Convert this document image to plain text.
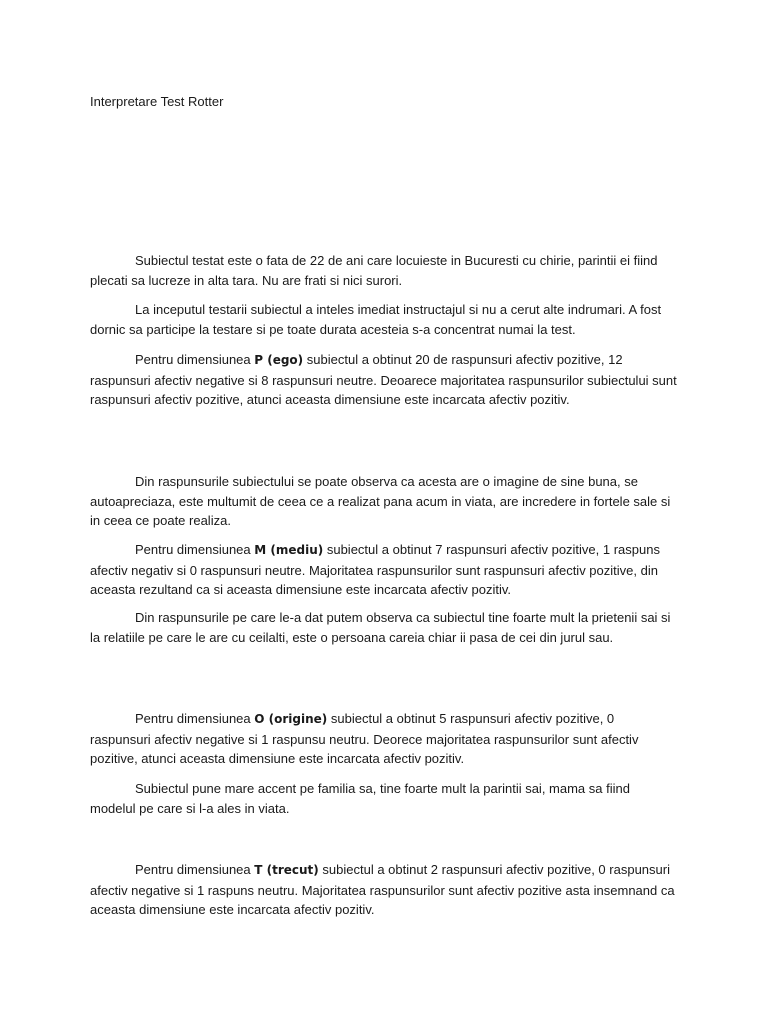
Interpretare Test Rotter

Subiectul testat este o fata de 22 de ani care locuieste in Bucuresti cu chirie, parintii ei fiind plecati sa lucreze in alta tara. Nu are frati si nici surori.

La inceputul testarii subiectul a inteles imediat instructajul si nu a cerut alte indrumari. A fost dornic sa participe la testare si pe toate durata acesteia s-a concentrat numai la test.

Pentru dimensiunea P (ego) subiectul a obtinut 20 de raspunsuri afectiv pozitive, 12 raspunsuri afectiv negative si 8 raspunsuri neutre. Deoarece majoritatea raspunsurilor subiectului sunt raspunsuri afectiv pozitive, atunci aceasta dimensiune este incarcata afectiv pozitiv.

Din raspunsurile subiectului se poate observa ca acesta are o imagine de sine buna, se autoapreciaza, este multumit de ceea ce a realizat pana acum in viata, are incredere in fortele sale si in ceea ce poate realiza.

Pentru dimensiunea M (mediu) subiectul a obtinut 7 raspunsuri afectiv pozitive, 1 raspuns afectiv negativ si 0 raspunsuri neutre. Majoritatea raspunsurilor sunt raspunsuri afectiv pozitive, din aceasta rezultand ca si aceasta dimensiune este incarcata afectiv pozitiv.

Din raspunsurile pe care le-a dat putem observa ca subiectul tine foarte mult la prietenii sai si la relatiile pe care le are cu ceilalti, este o persoana careia chiar ii pasa de cei din jurul sau.

Pentru dimensiunea O (origine) subiectul a obtinut 5 raspunsuri afectiv pozitive, 0 raspunsuri afectiv negative si 1 raspunsu neutru. Deorece majoritatea raspunsurilor sunt afectiv pozitive, atunci aceasta dimensiune este incarcata afectiv pozitiv.

Subiectul pune mare accent pe familia sa, tine foarte mult la parintii sai, mama sa fiind modelul pe care si l-a ales in viata.

Pentru dimensiunea T (trecut) subiectul a obtinut 2 raspunsuri afectiv pozitive, 0 raspunsuri afectiv negative si 1 raspuns neutru. Majoritatea raspunsurilor sunt afectiv pozitive asta insemnand ca aceasta dimensiune este incarcata afectiv pozitiv.
